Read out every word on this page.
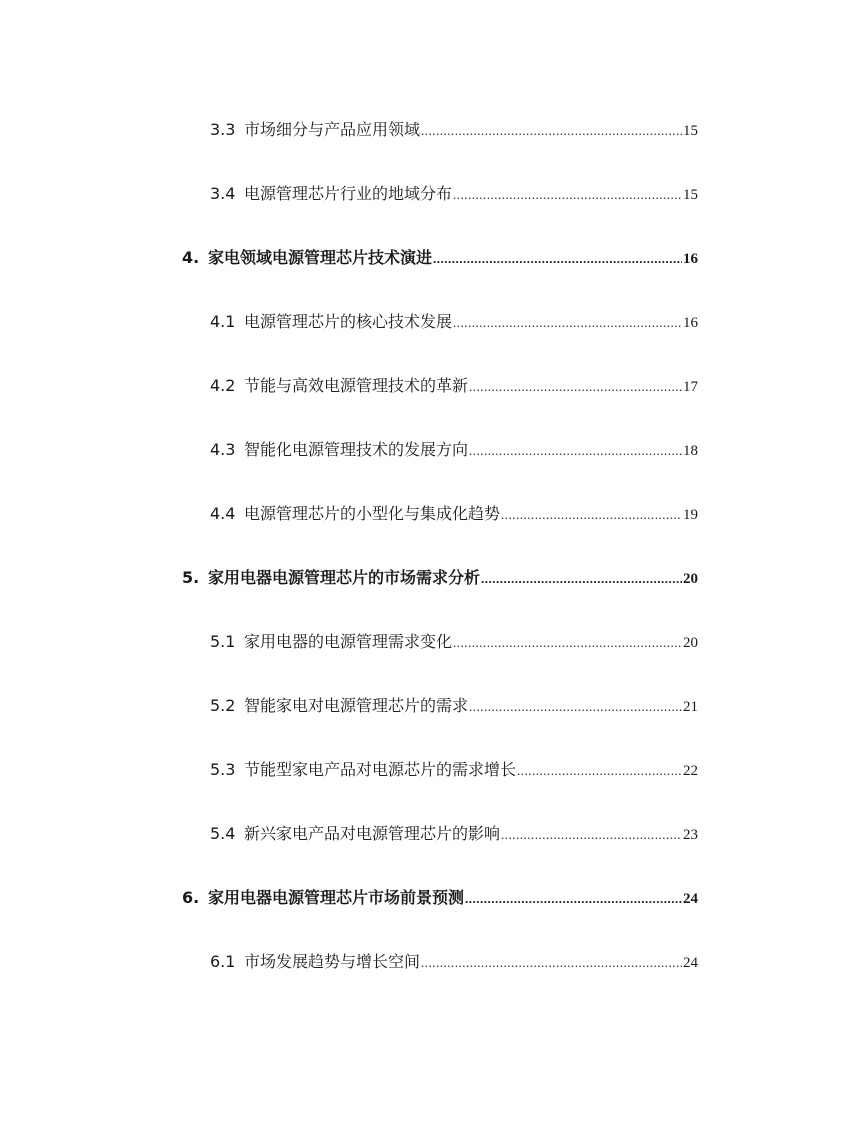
3.3 市场细分与产品应用领域 .....	15
3.4 电源管理芯片行业的地域分布 .....	15
4. 家电领域电源管理芯片技术演进 .....	16
4.1 电源管理芯片的核心技术发展 .....	16
4.2 节能与高效电源管理技术的革新 .....	17
4.3 智能化电源管理技术的发展方向 .....	18
4.4 电源管理芯片的小型化与集成化趋势 .....	19
5. 家用电器电源管理芯片的市场需求分析 .....	20
5.1 家用电器的电源管理需求变化 .....	20
5.2 智能家电对电源管理芯片的需求 .....	21
5.3 节能型家电产品对电源芯片的需求增长 .....	22
5.4 新兴家电产品对电源管理芯片的影响 .....	23
6. 家用电器电源管理芯片市场前景预测 .....	24
6.1 市场发展趋势与增长空间 .....	24
